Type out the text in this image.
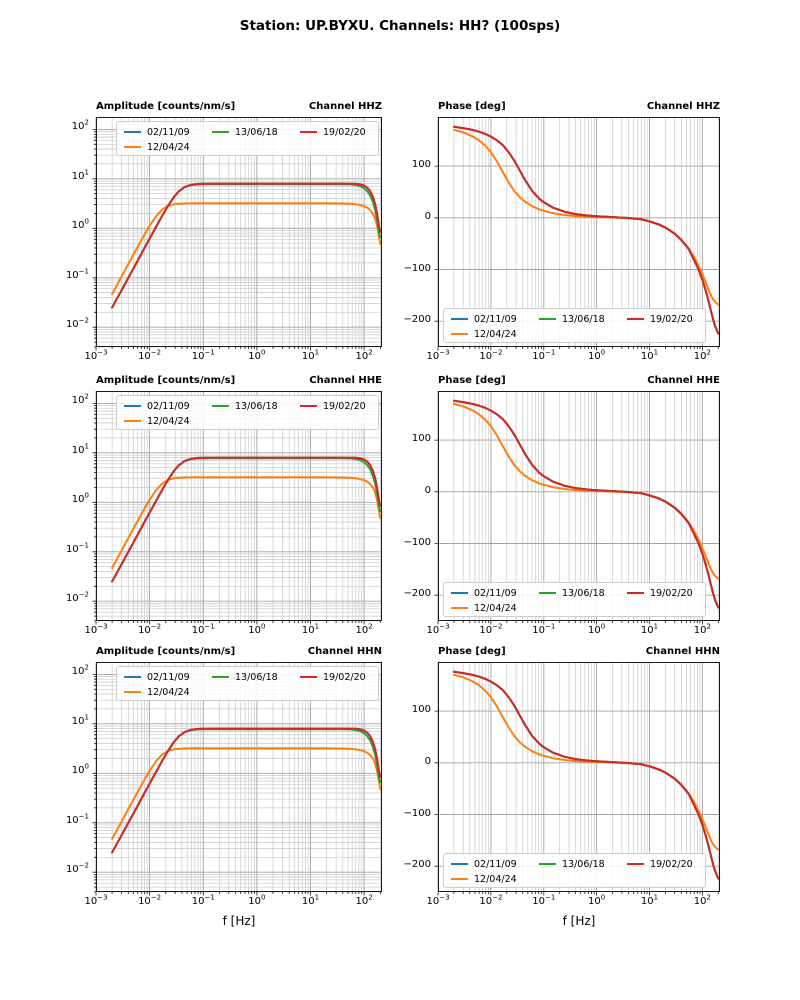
Station: UP.BYXU. Channels: HH? (100sps)
Amplitude [counts/nm/s]	Channel HHZ
$10^{-3}$	$10^{-2}$	$10^{-1}$	$10^0$	$10^1$	$10^2$
$10^2$
$10^1$
$10^0$
$10^{-1}$
$10^{-2}$
02/11/09
12/04/24
13/06/18	19/02/20
Phase [deg]	Channel HHZ
$10^{-3}$	$10^{-2}$	$10^{-1}$	$10^0$	$10^1$	$10^2$
100
0
−100
−200	02/11/09
12/04/24
13/06/18	19/02/20
Amplitude [counts/nm/s]	Channel HHE
$10^{-3}$	$10^{-2}$	$10^{-1}$	$10^0$	$10^1$	$10^2$
$10^2$
$10^1$
$10^0$
$10^{-1}$
$10^{-2}$
02/11/09
12/04/24
13/06/18	19/02/20
Phase [deg]	Channel HHE
$10^{-3}$	$10^{-2}$	$10^{-1}$	$10^0$	$10^1$	$10^2$
100
0
−100
−200	02/11/09
12/04/24
13/06/18	19/02/20
Amplitude [counts/nm/s]	Channel HHN
$10^{-3}$	$10^{-2}$	$10^{-1}$	$10^0$	$10^1$	$10^2$
$10^2$
$10^1$
$10^0$
$10^{-1}$
$10^{-2}$
f [Hz]
02/11/09
12/04/24
13/06/18	19/02/20
Phase [deg]	Channel HHN
$10^{-3}$	$10^{-2}$	$10^{-1}$	$10^0$	$10^1$	$10^2$
100
0
−100
−200
f [Hz]
02/11/09
12/04/24
13/06/18	19/02/20
